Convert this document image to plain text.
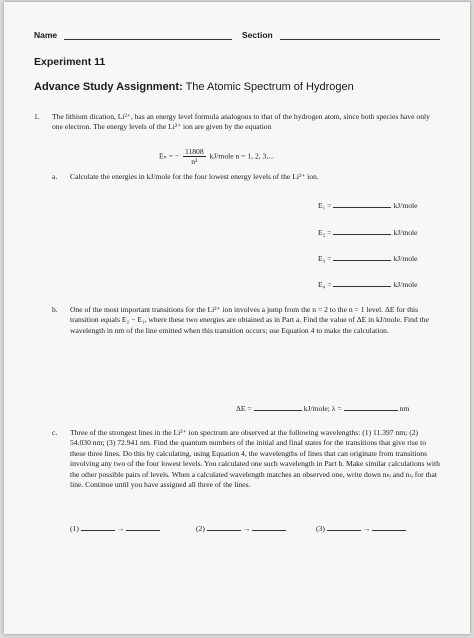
Name	Section
Experiment 11
Advance Study Assignment: The Atomic Spectrum of Hydrogen
1.	The lithium dication, Li²⁺, has an energy level formula analogous to that of the hydrogen atom, since both species have only one electron. The energy levels of the Li²⁺ ion are given by the equation
Eₙ = − $\frac{11808}{\text{n²}}$ kJ/mole n = 1, 2, 3,...
a. Calculate the energies in kJ/mole for the four lowest energy levels of the Li²⁺ ion.
E₁ =	kJ/mole
E₂ =	kJ/mole
E₃ =	kJ/mole
E₄ =	kJ/mole
b. One of the most important transitions for the Li²⁺ ion involves a jump from the n = 2 to the n = 1 level. ΔE for this transition equals E₂ − E₁, where these two energies are obtained as in Part a. Find the value of ΔE in kJ/mole. Find the wavelength in nm of the line emitted when this transition occurs; use Equation 4 to make the calculation.
ΔE =	kJ/mole; λ =	nm
c. Three of the strongest lines in the Li²⁺ ion spectrum are observed at the following wavelengths: (1) 11.397 nm; (2) 54.030 nm; (3) 72.941 nm. Find the quantum numbers of the initial and final states for the transitions that give rise to these three lines. Do this by calculating, using Equation 4, the wavelengths of lines that can originate from transitions involving any two of the four lowest levels. You calculated one such wavelength in Part b. Make similar calculations with the other possible pairs of levels. When a calculated wavelength matches an observed one, write down nₕᵢ and nₗₒ for that line. Continue until you have assigned all three of the lines.
(1)	→	(2)	→	(3)	→
